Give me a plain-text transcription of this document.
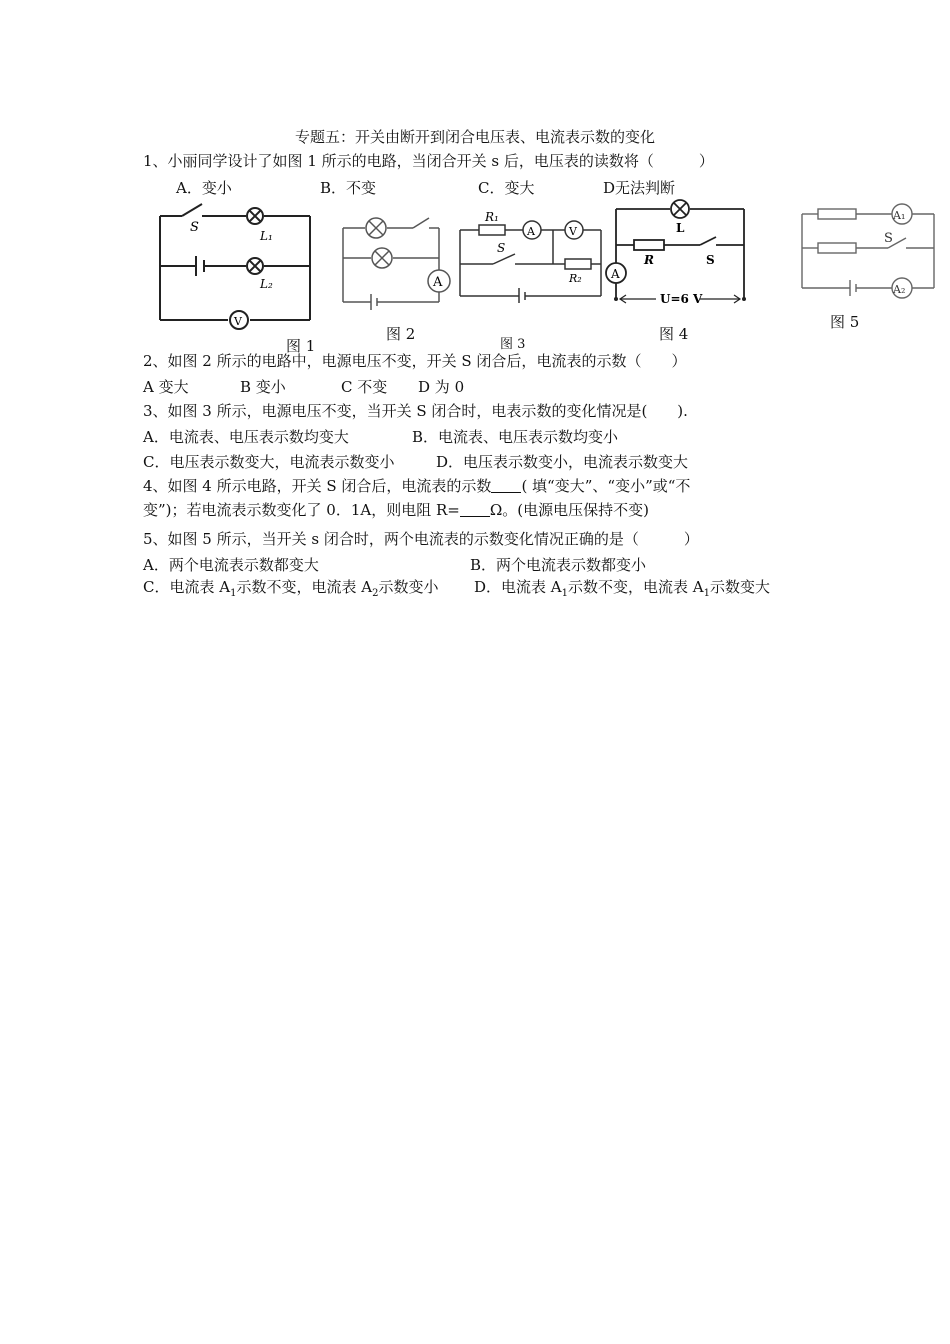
专题五：开关由断开到闭合电压表、电流表示数的变化
1、小丽同学设计了如图 1 所示的电路，当闭合开关 s 后，电压表的读数将（　　　）
A．变小	B．不变	C．变大	D无法判断
S
L₁
L₂
V
图 1
A
图 2
R₁
A	V
S
R₂
图 3
L
R	S
A
U=6 V
图 4
A₁
S
A₂
图 5
2、如图 2 所示的电路中，电源电压不变，开关 S 闭合后，电流表的示数（　　）
A 变大	B 变小	C 不变 D 为 0
3、如图 3 所示，电源电压不变，当开关 S 闭合时，电表示数的变化情况是(　　).
A．电流表、电压表示数均变大	B．电流表、电压表示数均变小
C．电压表示数变大，电流表示数变小	D．电压表示数变小，电流表示数变大
4、如图 4 所示电路，开关 S 闭合后，电流表的示数 ( 填“变大”、“变小”或“不
变”)；若电流表示数变化了 0．1A，则电阻 R= Ω。(电源电压保持不变)
5、如图 5 所示，当开关 s 闭合时，两个电流表的示数变化情况正确的是（　　　）
A．两个电流表示数都变大	B．两个电流表示数都变小
C．电流表 $A_1$示数不变，电流表 $A_2$示数变小 D．电流表 $A_1$示数不变，电流表 $A_1$示数变大
